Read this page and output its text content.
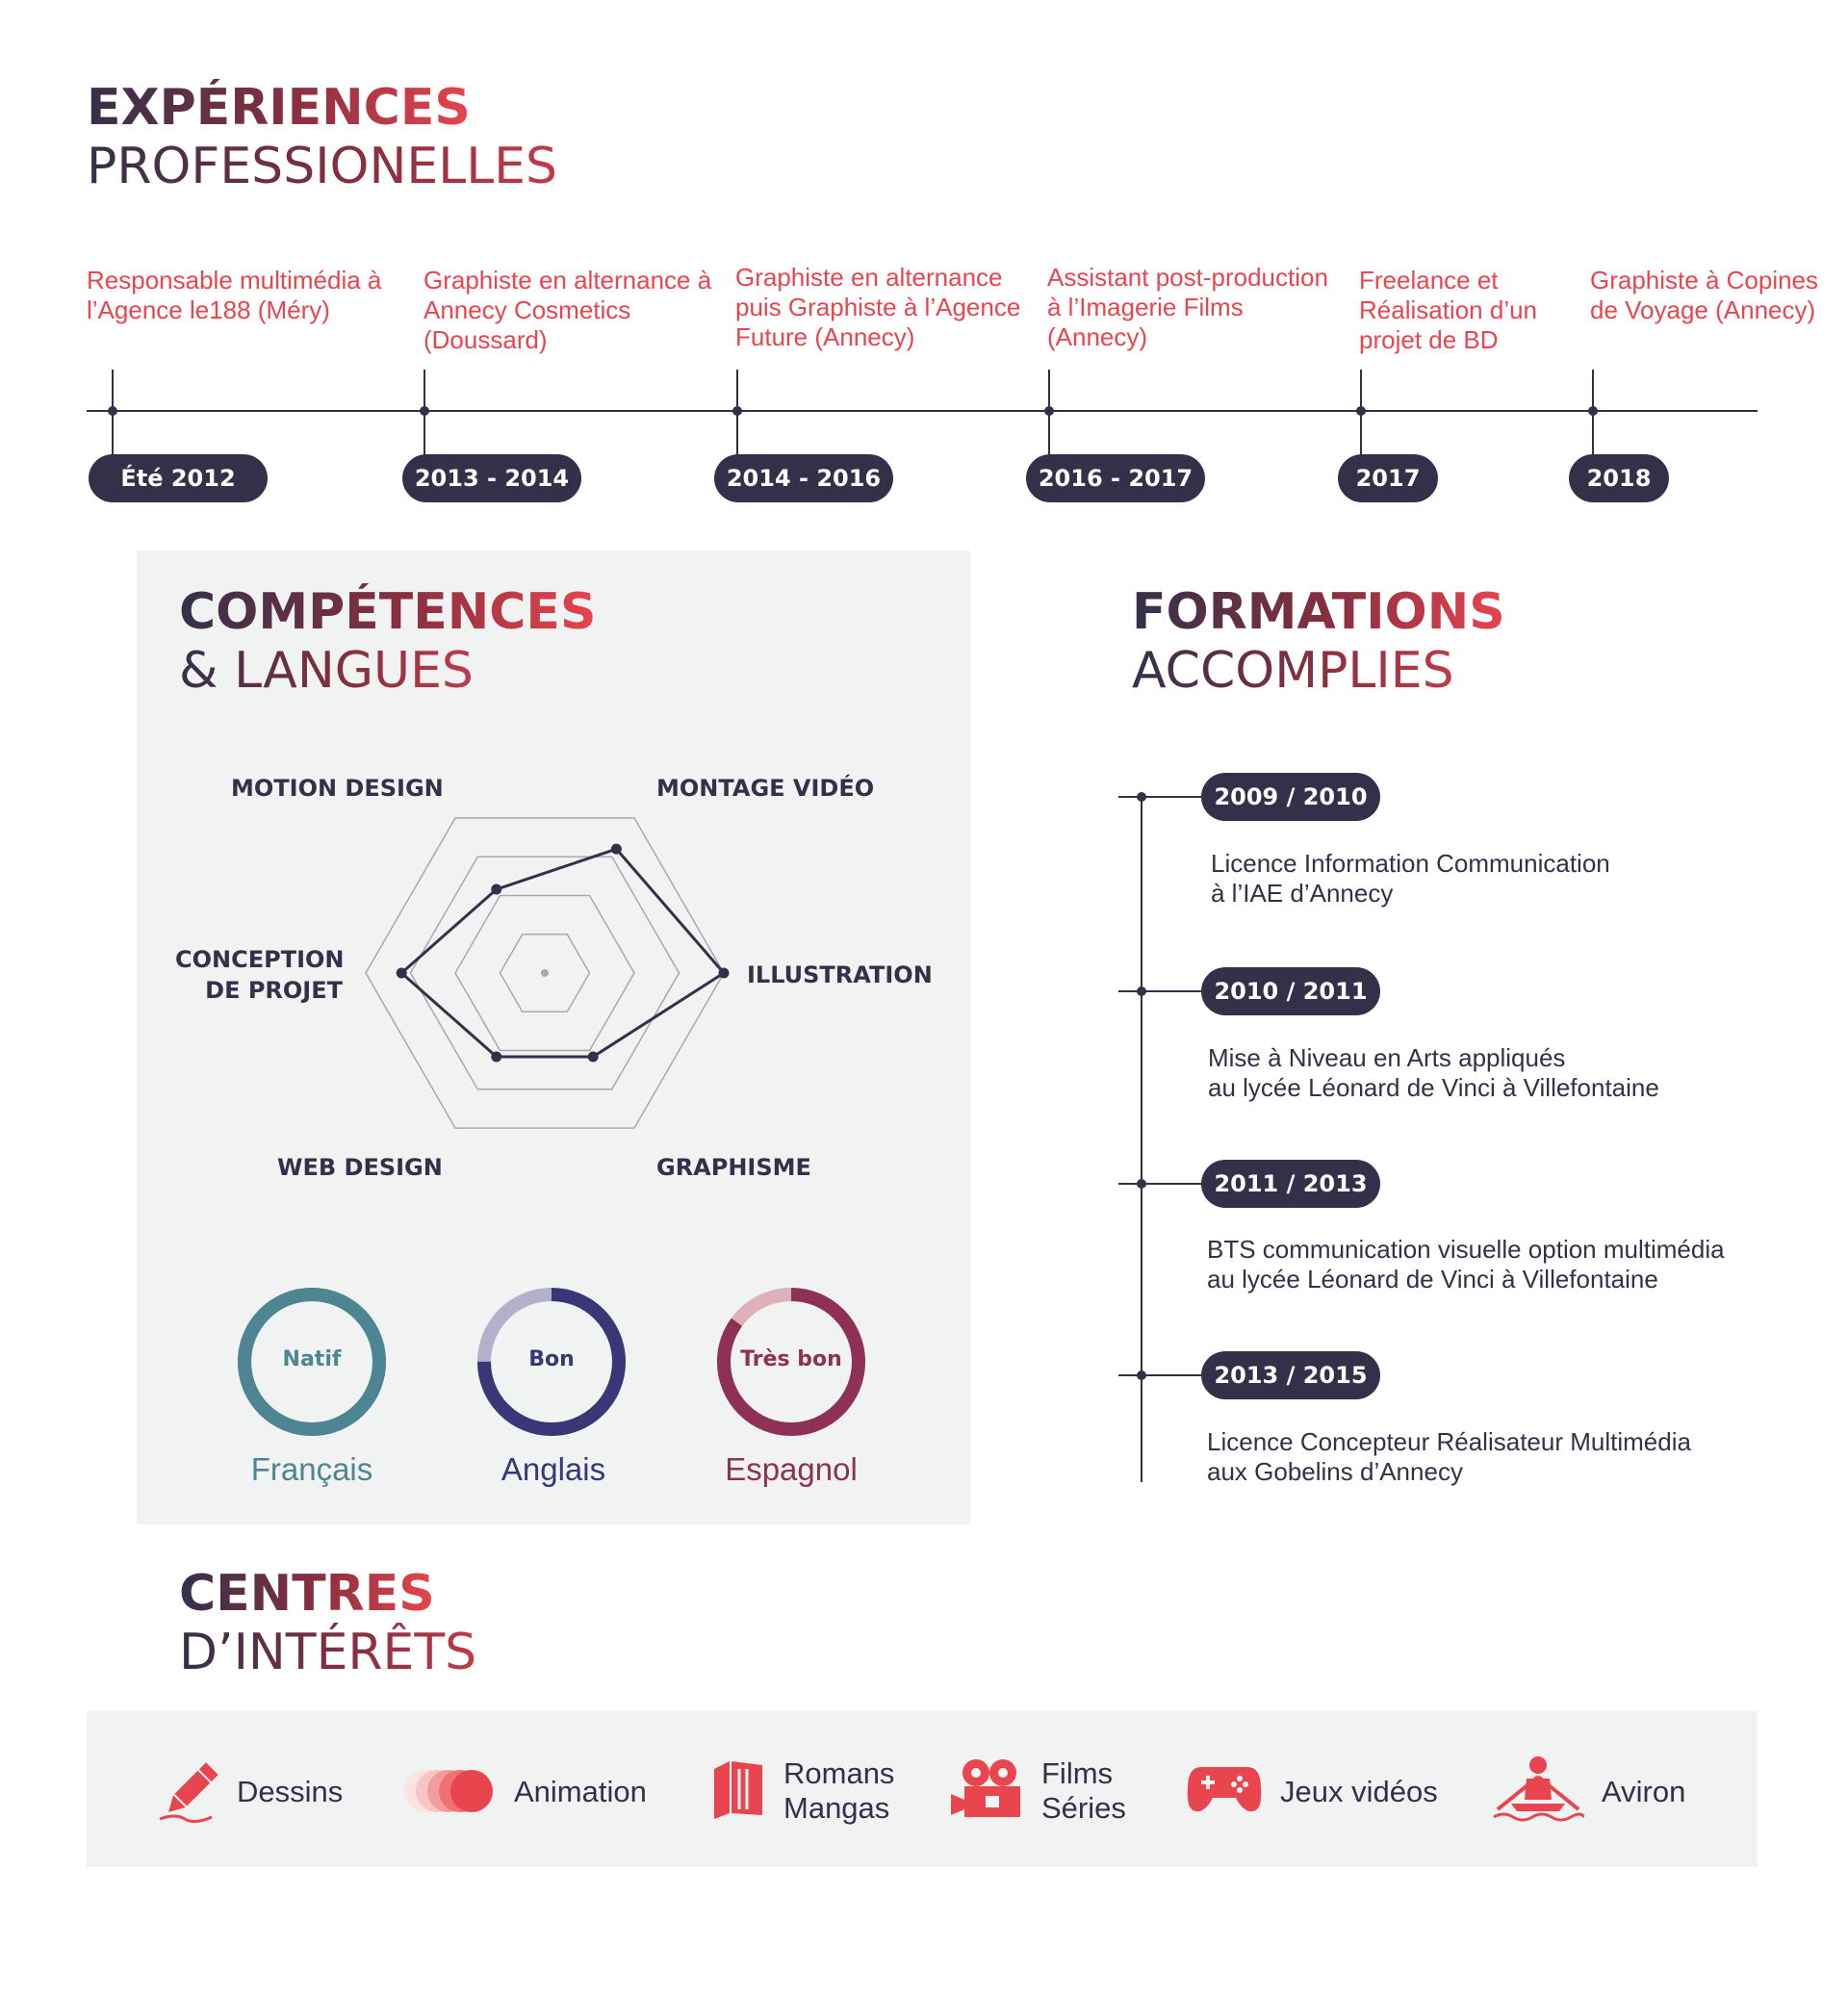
EXPÉRIENCES
PROFESSIONELLES
Responsable multimédia à l’Agence le188 (Méry)
Été 2012
Graphiste en alternance à Annecy Cosmetics (Doussard)
2013 - 2014
Graphiste en alternance puis Graphiste à l’Agence Future (Annecy)
2014 - 2016
Assistant post-production à l’Imagerie Films (Annecy)
2016 - 2017
Freelance et Réalisation d’un projet de BD
2017
Graphiste à Copines de Voyage (Annecy)
2018
COMPÉTENCES
& LANGUES
MOTION DESIGN	MONTAGE VIDÉO
CONCEPTION
DE PROJET
ILLUSTRATION
WEB DESIGN	GRAPHISME
Natif
Français
Bon
Anglais
Très bon
Espagnol
FORMATIONS
ACCOMPLIES
2009 / 2010
Licence Information Communication
à l’IAE d’Annecy
2010 / 2011
Mise à Niveau en Arts appliqués
au lycée Léonard de Vinci à Villefontaine
2011 / 2013
BTS communication visuelle option multimédia
au lycée Léonard de Vinci à Villefontaine
2013 / 2015
Licence Concepteur Réalisateur Multimédia
aux Gobelins d’Annecy
CENTRES
D’INTÉRÊTS
Dessins	Animation
Romans
Mangas
Films
Séries	Jeux vidéos	Aviron
